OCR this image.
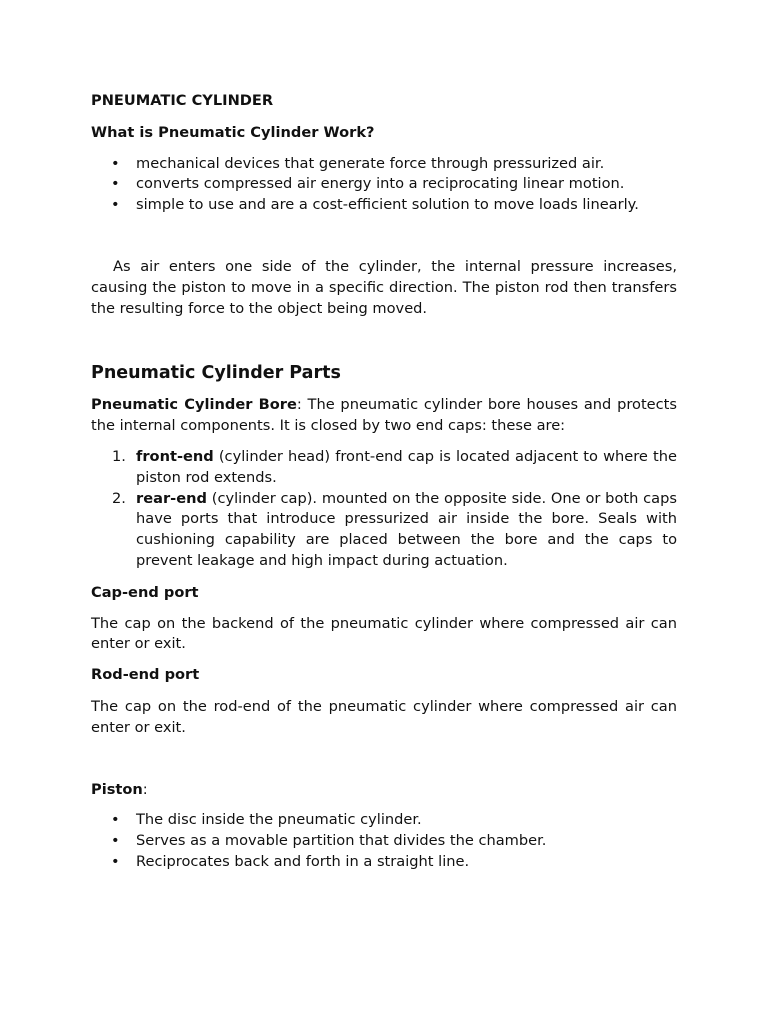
PNEUMATIC CYLINDER

What is Pneumatic Cylinder Work?

• mechanical devices that generate force through pressurized air.
• converts compressed air energy into a reciprocating linear motion.
• simple to use and are a cost-efficient solution to move loads linearly.

As air enters one side of the cylinder, the internal pressure increases, causing the piston to move in a specific direction. The piston rod then transfers the resulting force to the object being moved.

Pneumatic Cylinder Parts

Pneumatic Cylinder Bore: The pneumatic cylinder bore houses and protects the internal components. It is closed by two end caps: these are:

1. front-end (cylinder head) front-end cap is located adjacent to where the piston rod extends.
2. rear-end (cylinder cap). mounted on the opposite side. One or both caps have ports that introduce pressurized air inside the bore. Seals with cushioning capability are placed between the bore and the caps to prevent leakage and high impact during actuation.

Cap-end port

The cap on the backend of the pneumatic cylinder where compressed air can enter or exit.

Rod-end port

The cap on the rod-end of the pneumatic cylinder where compressed air can enter or exit.

Piston:

• The disc inside the pneumatic cylinder.
• Serves as a movable partition that divides the chamber.
• Reciprocates back and forth in a straight line.
